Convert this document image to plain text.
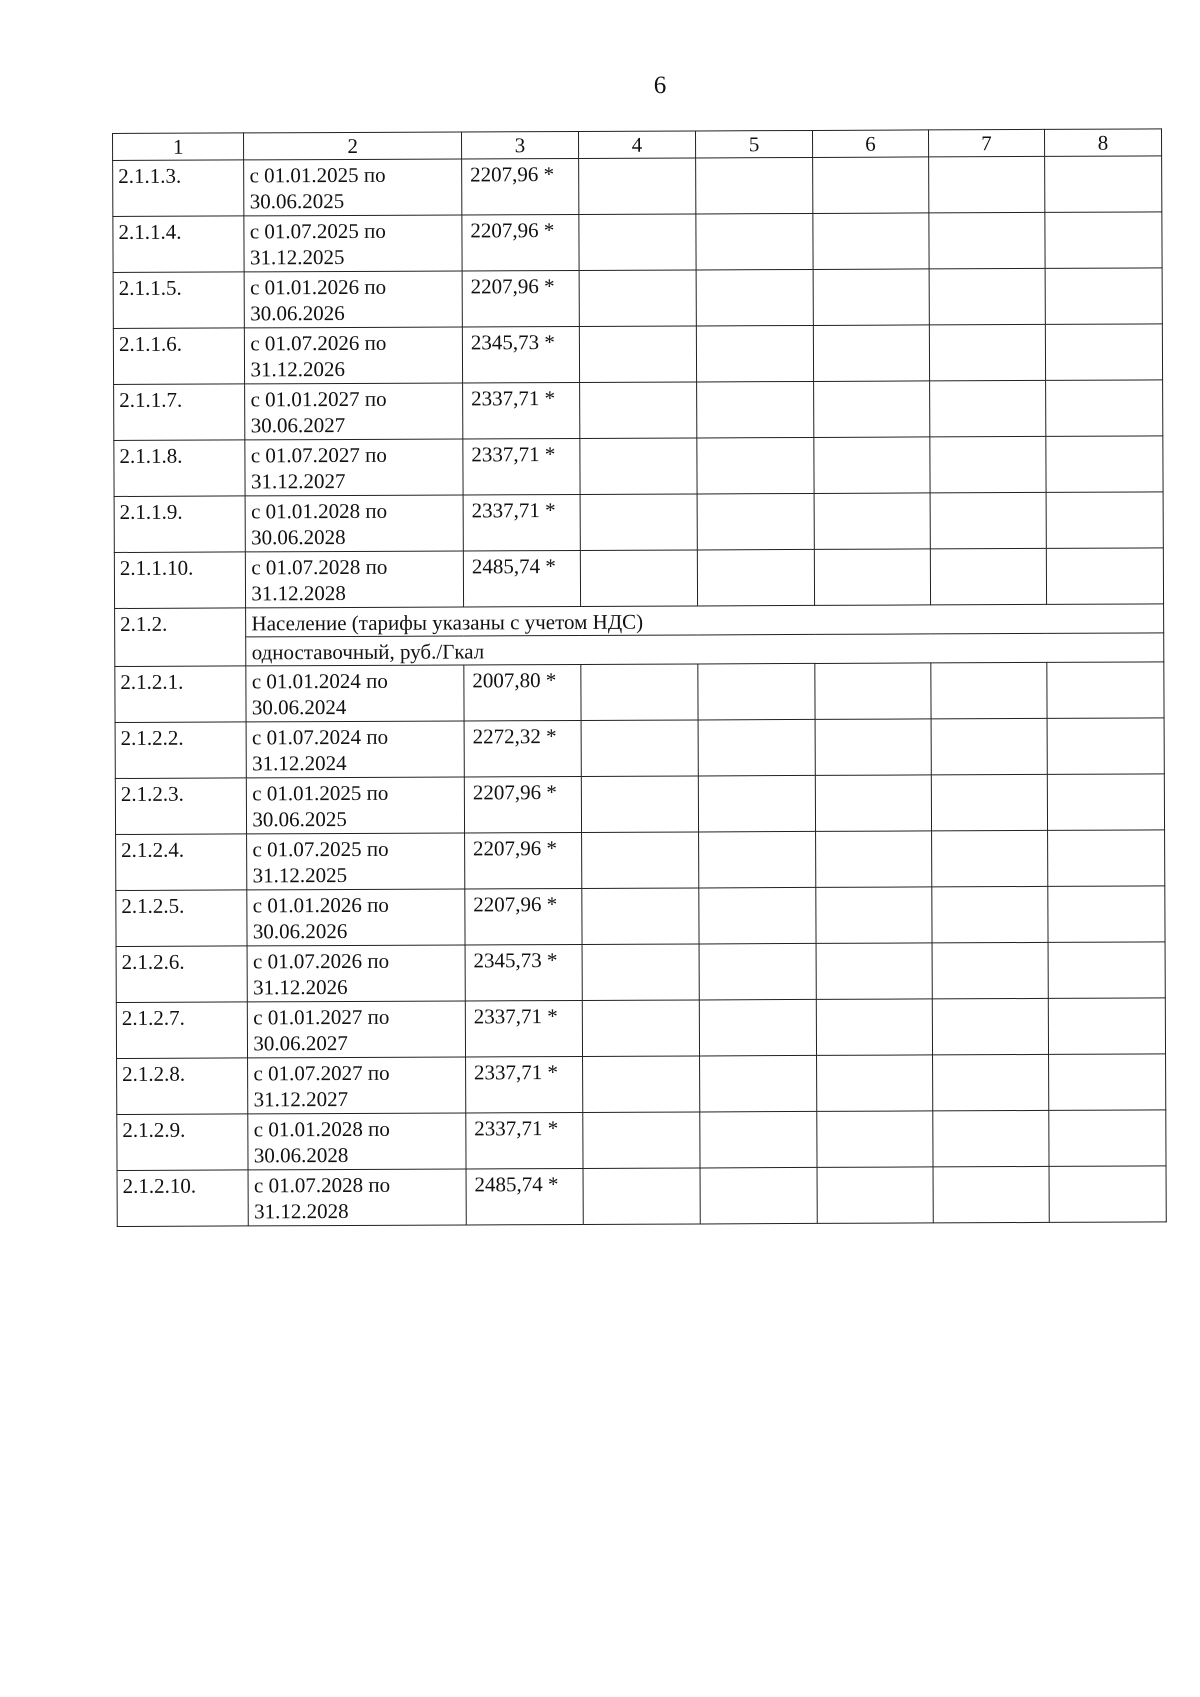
6
1	2	3	4	5	6	7	8
2.1.1.3.	с 01.01.2025 по 30.06.2025	2207,96 *					
2.1.1.4.	с 01.07.2025 по 31.12.2025	2207,96 *					
2.1.1.5.	с 01.01.2026 по 30.06.2026	2207,96 *					
2.1.1.6.	с 01.07.2026 по 31.12.2026	2345,73 *					
2.1.1.7.	с 01.01.2027 по 30.06.2027	2337,71 *					
2.1.1.8.	с 01.07.2027 по 31.12.2027	2337,71 *					
2.1.1.9.	с 01.01.2028 по 30.06.2028	2337,71 *					
2.1.1.10.	с 01.07.2028 по 31.12.2028	2485,74 *					
2.1.2.	Население (тарифы указаны с учетом НДС)						
	одноставочный, руб./Гкал						
2.1.2.1.	с 01.01.2024 по 30.06.2024	2007,80 *					
2.1.2.2.	с 01.07.2024 по 31.12.2024	2272,32 *					
2.1.2.3.	с 01.01.2025 по 30.06.2025	2207,96 *					
2.1.2.4.	с 01.07.2025 по 31.12.2025	2207,96 *					
2.1.2.5.	с 01.01.2026 по 30.06.2026	2207,96 *					
2.1.2.6.	с 01.07.2026 по 31.12.2026	2345,73 *					
2.1.2.7.	с 01.01.2027 по 30.06.2027	2337,71 *					
2.1.2.8.	с 01.07.2027 по 31.12.2027	2337,71 *					
2.1.2.9.	с 01.01.2028 по 30.06.2028	2337,71 *					
2.1.2.10.	с 01.07.2028 по 31.12.2028	2485,74 *					
